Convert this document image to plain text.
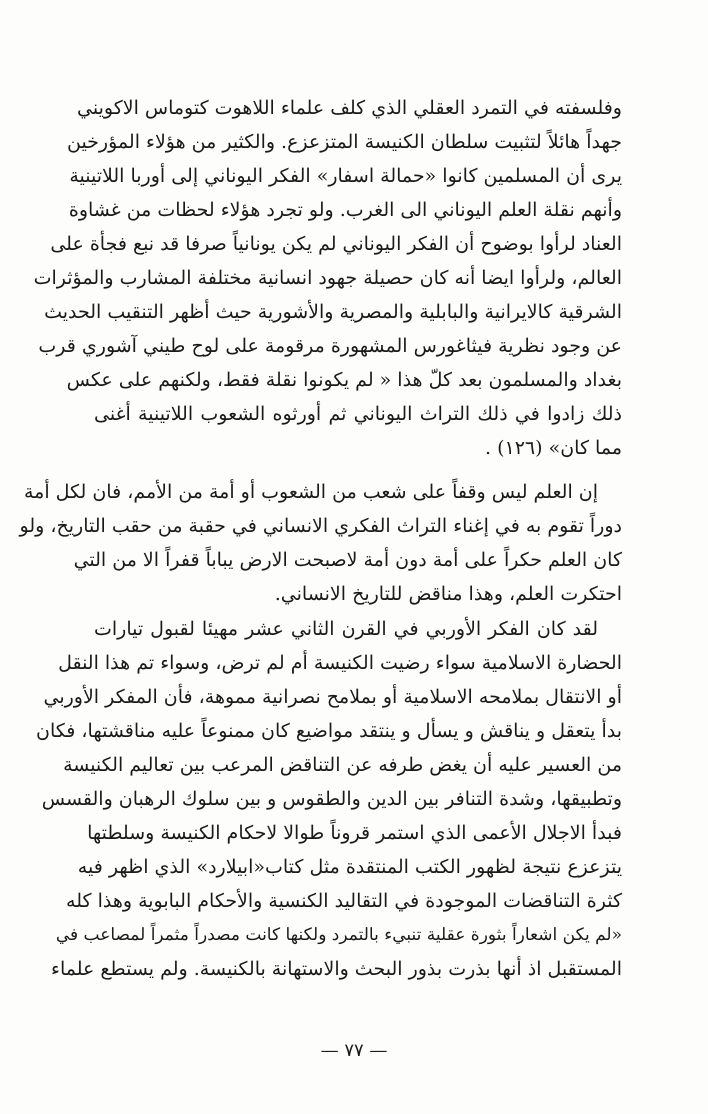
وفلسفته في التمرد العقلي الذي كلف علماء اللاهوت كتوماس الاكويني
جهداً هائلاً لتثبيت سلطان الكنيسة المتزعزع. والكثير من هؤلاء المؤرخين
يرى أن المسلمين كانوا «حمالة اسفار» الفكر اليوناني إلى أوربا اللاتينية
وأنهم نقلة العلم اليوناني الى الغرب. ولو تجرد هؤلاء لحظات من غشاوة
العناد لرأوا بوضوح أن الفكر اليوناني لم يكن يونانياً صرفا قد نبع فجأة على
العالم، ولرأوا ايضا أنه كان حصيلة جهود انسانية مختلفة المشارب والمؤثرات
الشرقية كالايرانية والبابلية والمصرية والأشورية حيث أظهر التنقيب الحديث
عن وجود نظرية فيثاغورس المشهورة مرقومة على لوح طيني آشوري قرب
بغداد والمسلمون بعد كلّ هذا « لم يكونوا نقلة فقط، ولكنهم على عكس
ذلك زادوا في ذلك التراث اليوناني ثم أورثوه الشعوب اللاتينية أغنى
مما كان» (١٢٦) .
إن العلم ليس وقفاً على شعب من الشعوب أو أمة من الأمم، فان لكل أمة
دوراً تقوم به في إغناء التراث الفكري الانساني في حقبة من حقب التاريخ، ولو
كان العلم حكراً على أمة دون أمة لاصبحت الارض يباباً قفراً الا من التي
احتكرت العلم، وهذا مناقض للتاريخ الانساني.
لقد كان الفكر الأوربي في القرن الثاني عشر مهيئا لقبول تيارات
الحضارة الاسلامية سواء رضيت الكنيسة أم لم ترض، وسواء تم هذا النقل
أو الانتقال بملامحه الاسلامية أو بملامح نصرانية مموهة، فأن المفكر الأوربي
بدأ يتعقل و يناقش و يسأل و ينتقد مواضيع كان ممنوعاً عليه مناقشتها، فكان
من العسير عليه أن يغض طرفه عن التناقض المرعب بين تعاليم الكنيسة
وتطبيقها، وشدة التنافر بين الدين والطقوس و بين سلوك الرهبان والقسس
فبدأ الاجلال الأعمى الذي استمر قروناً طوالا لاحكام الكنيسة وسلطتها
يتزعزع نتيجة لظهور الكتب المنتقدة مثل كتاب«ابيلارد» الذي اظهر فيه
كثرة التناقضات الموجودة في التقاليد الكنسية والأحكام البابوية وهذا كله
«لم يكن اشعاراً بثورة عقلية تنبيء بالتمرد ولكنها كانت مصدراً مثمراً لمصاعب في
المستقبل اذ أنها بذرت بذور البحث والاستهانة بالكنيسة. ولم يستطع علماء
— ٧٧ —
